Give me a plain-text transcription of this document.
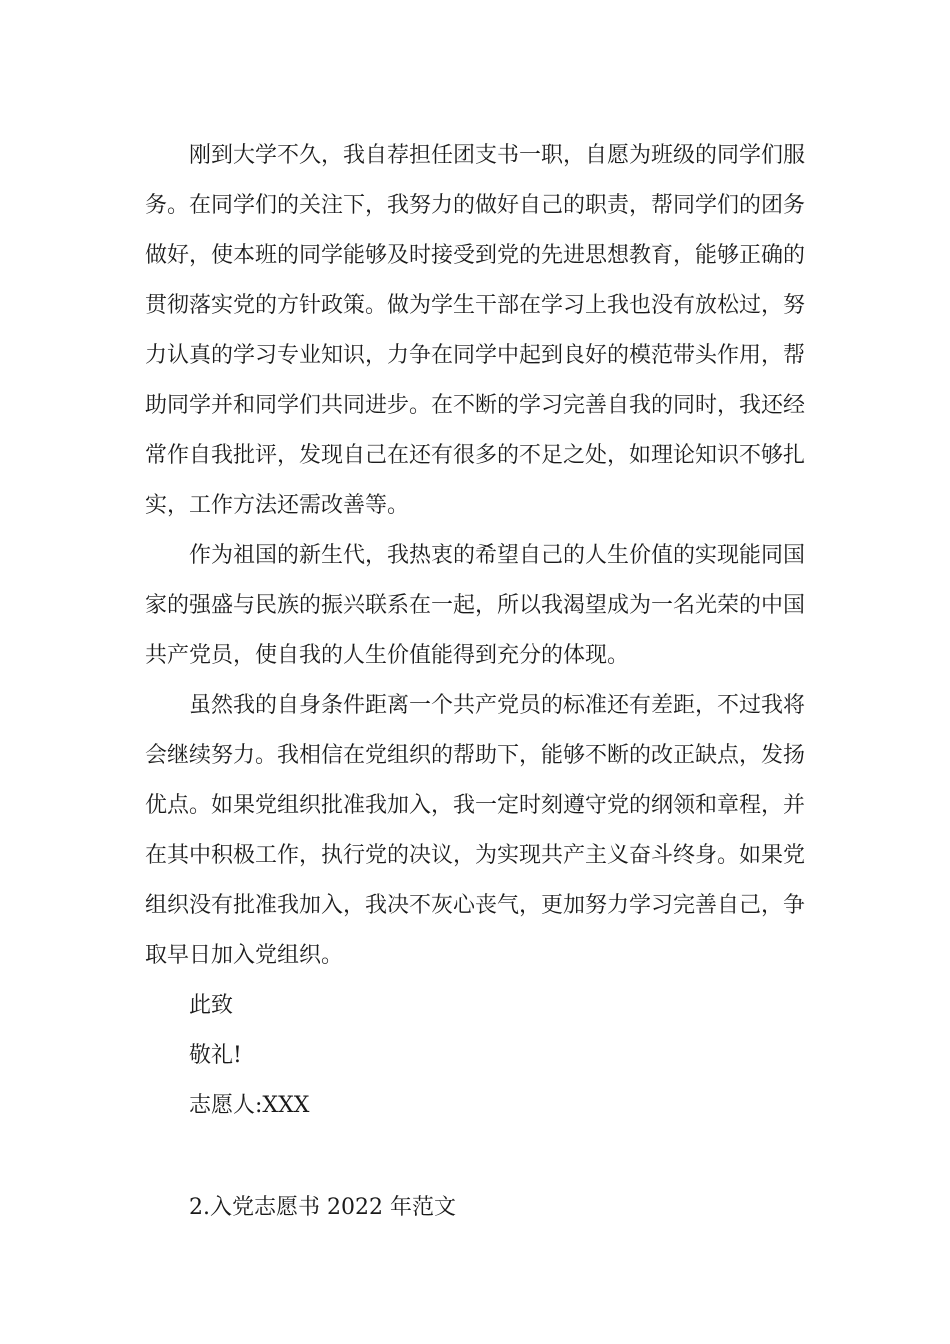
刚到大学不久，我自荐担任团支书一职，自愿为班级的同学们服务。在同学们的关注下，我努力的做好自己的职责，帮同学们的团务做好，使本班的同学能够及时接受到党的先进思想教育，能够正确的贯彻落实党的方针政策。做为学生干部在学习上我也没有放松过，努力认真的学习专业知识，力争在同学中起到良好的模范带头作用，帮助同学并和同学们共同进步。在不断的学习完善自我的同时，我还经常作自我批评，发现自己在还有很多的不足之处，如理论知识不够扎实，工作方法还需改善等。

作为祖国的新生代，我热衷的希望自己的人生价值的实现能同国家的强盛与民族的振兴联系在一起，所以我渴望成为一名光荣的中国共产党员，使自我的人生价值能得到充分的体现。

虽然我的自身条件距离一个共产党员的标准还有差距，不过我将会继续努力。我相信在党组织的帮助下，能够不断的改正缺点，发扬优点。如果党组织批准我加入，我一定时刻遵守党的纲领和章程，并在其中积极工作，执行党的决议，为实现共产主义奋斗终身。如果党组织没有批准我加入，我决不灰心丧气，更加努力学习完善自己，争取早日加入党组织。

此致

敬礼!

志愿人:XXX

2.入党志愿书 2022 年范文
